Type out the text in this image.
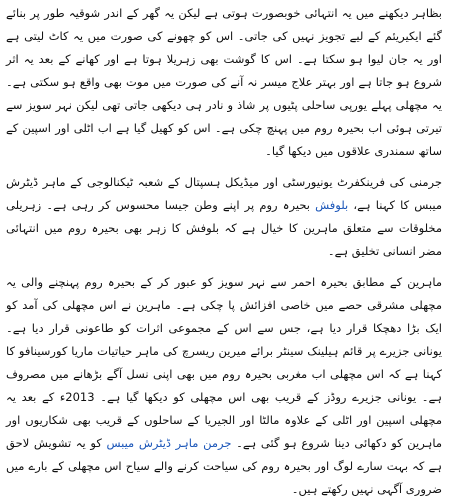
بظاہر دیکھنے میں یہ انتہائی خوبصورت ہوتی ہے لیکن یہ گھر کے اندر شوقیہ طور پر بنائے گئے ایکیریئم کے لیے تجویز نہیں کی جاتی۔ اس کو چھونے کی صورت میں یہ کاٹ لیتی ہے اور یہ جان لیوا ہو سکتا ہے۔ اس کا گوشت بھی زہریلا ہوتا ہے اور کھانے کے بعد یہ اثر شروع ہو جاتا ہے اور بہتر علاج میسر نہ آنے کی صورت میں موت بھی واقع ہو سکتی ہے۔ یہ مچھلی پہلے یورپی ساحلی پٹیوں پر شاذ و نادر ہی دیکھی جاتی تھی لیکن نہر سویز سے تیرتی ہوئی اب بحیرہ روم میں پہنچ چکی ہے۔ اس کو کھیل گیا ہے اب اٹلی اور اسپین کے ساتھ سمندری علاقوں میں دیکھا گیا۔

جرمنی کی فرینکفرٹ یونیورسٹی اور میڈیکل ہسپتال کے شعبہ ٹیکنالوجی کے ماہر ڈیٹرش میبس کا کہنا ہے، بلوفش بحیرہ روم پر اپنے وطن جیسا محسوس کر رہی ہے۔ زہریلی مخلوقات سے متعلق ماہرین کا خیال ہے کہ بلوفش کا زہر بھی بحیرہ روم میں انتہائی مضر انسانی تخلیق ہے۔

ماہرین کے مطابق بحیرہ احمر سے نہر سویز کو عبور کر کے بحیرہ روم پہنچنے والی یہ مچھلی مشرقی حصے میں خاصی افزائش پا چکی ہے۔ ماہرین نے اس مچھلی کی آمد کو ایک بڑا دھچکا قرار دیا ہے، جس سے اس کے مجموعی اثرات کو طاعونی قرار دیا ہے۔ یونانی جزیرے پر قائم ہیلینک سینٹر برائے میرین ریسرچ کی ماہر حیاتیات ماریا کورسینافو کا کہنا ہے کہ اس مچھلی اب مغربی بحیرہ روم میں بھی اپنی نسل آگے بڑھانے میں مصروف ہے۔ یونانی جزیرے روڈز کے قریب بھی اس مچھلی کو دیکھا گیا ہے۔ 2013ء کے بعد یہ مچھلی اسپین اور اٹلی کے علاوہ مالٹا اور الجیریا کے ساحلوں کے قریب بھی شکاریوں اور ماہرین کو دکھائی دینا شروع ہو گئی ہے۔ جرمن ماہر ڈیٹرش میبس کو یہ تشویش لاحق ہے کہ بہت سارے لوگ اور بحیرہ روم کی سیاحت کرنے والے سیاح اس مچھلی کے بارے میں ضروری آگہی نہیں رکھتے ہیں۔
